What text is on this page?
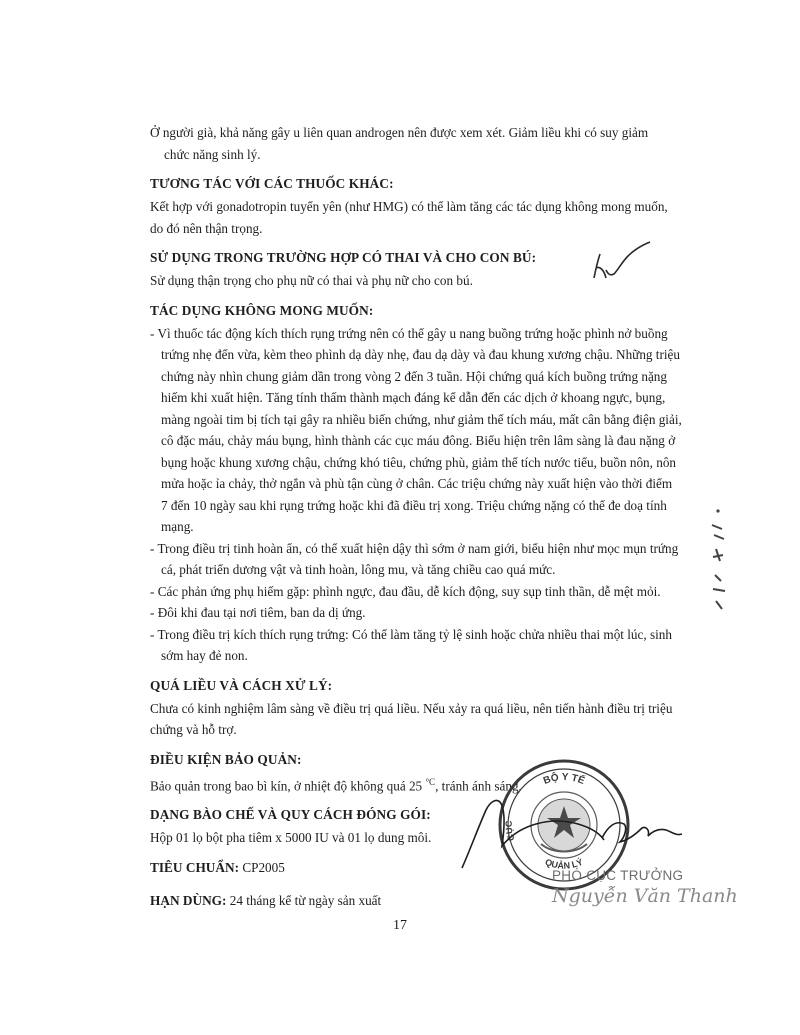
Ở người già, khả năng gây u liên quan androgen nên được xem xét. Giảm liều khi có suy giảm
chức năng sinh lý.

TƯƠNG TÁC VỚI CÁC THUỐC KHÁC:

Kết hợp với gonadotropin tuyến yên (như HMG) có thể làm tăng các tác dụng không mong muốn, do đó nên thận trọng.

SỬ DỤNG TRONG TRƯỜNG HỢP CÓ THAI VÀ CHO CON BÚ:

Sử dụng thận trọng cho phụ nữ có thai và phụ nữ cho con bú.

TÁC DỤNG KHÔNG MONG MUỐN:

- Vì thuốc tác động kích thích rụng trứng nên có thể gây u nang buồng trứng hoặc phình nở buồng trứng nhẹ đến vừa, kèm theo phình dạ dày nhẹ, đau dạ dày và đau khung xương chậu. Những triệu chứng này nhìn chung giảm dần trong vòng 2 đến 3 tuần. Hội chứng quá kích buồng trứng nặng hiếm khi xuất hiện. Tăng tính thấm thành mạch đáng kể dẫn đến các dịch ở khoang ngực, bụng, màng ngoài tim bị tích tại gây ra nhiều biến chứng, như giảm thể tích máu, mất cân bằng điện giải, cô đặc máu, chảy máu bụng, hình thành các cục máu đông. Biểu hiện trên lâm sàng là đau nặng ở bụng hoặc khung xương chậu, chứng khó tiêu, chứng phù, giảm thể tích nước tiểu, buồn nôn, nôn mửa hoặc ỉa chảy, thở ngắn và phù tận cùng ở chân. Các triệu chứng này xuất hiện vào thời điểm 7 đến 10 ngày sau khi rụng trứng hoặc khi đã điều trị xong. Triệu chứng nặng có thể đe doạ tính mạng.

- Trong điều trị tinh hoàn ẩn, có thể xuất hiện dậy thì sớm ở nam giới, biểu hiện như mọc mụn trứng cá, phát triển dương vật và tinh hoàn, lông mu, và tăng chiều cao quá mức.

- Các phản ứng phụ hiếm gặp: phình ngực, đau đầu, dễ kích động, suy sụp tinh thần, dễ mệt mỏi.

- Đôi khi đau tại nơi tiêm, ban da dị ứng.

- Trong điều trị kích thích rụng trứng: Có thể làm tăng tỷ lệ sinh hoặc chửa nhiều thai một lúc, sinh sớm hay đẻ non.

QUÁ LIỀU VÀ CÁCH XỬ LÝ:

Chưa có kinh nghiệm lâm sàng về điều trị quá liều. Nếu xảy ra quá liều, nên tiến hành điều trị triệu chứng và hỗ trợ.

ĐIỀU KIỆN BẢO QUẢN:

Bảo quản trong bao bì kín, ở nhiệt độ không quá 25 $^{^\circ C}$, tránh ánh sáng.

DẠNG BÀO CHẾ VÀ QUY CÁCH ĐÓNG GÓI:

Hộp 01 lọ bột pha tiêm x 5000 IU và 01 lọ dung môi.

TIÊU CHUẨN: CP2005

HẠN DÙNG: 24 tháng kể từ ngày sản xuất

BỘ Y TẾ
CỤC
QUẢN LÝ
PHÓ CỤC TRƯỞNG
Nguyễn Văn Thanh
17
